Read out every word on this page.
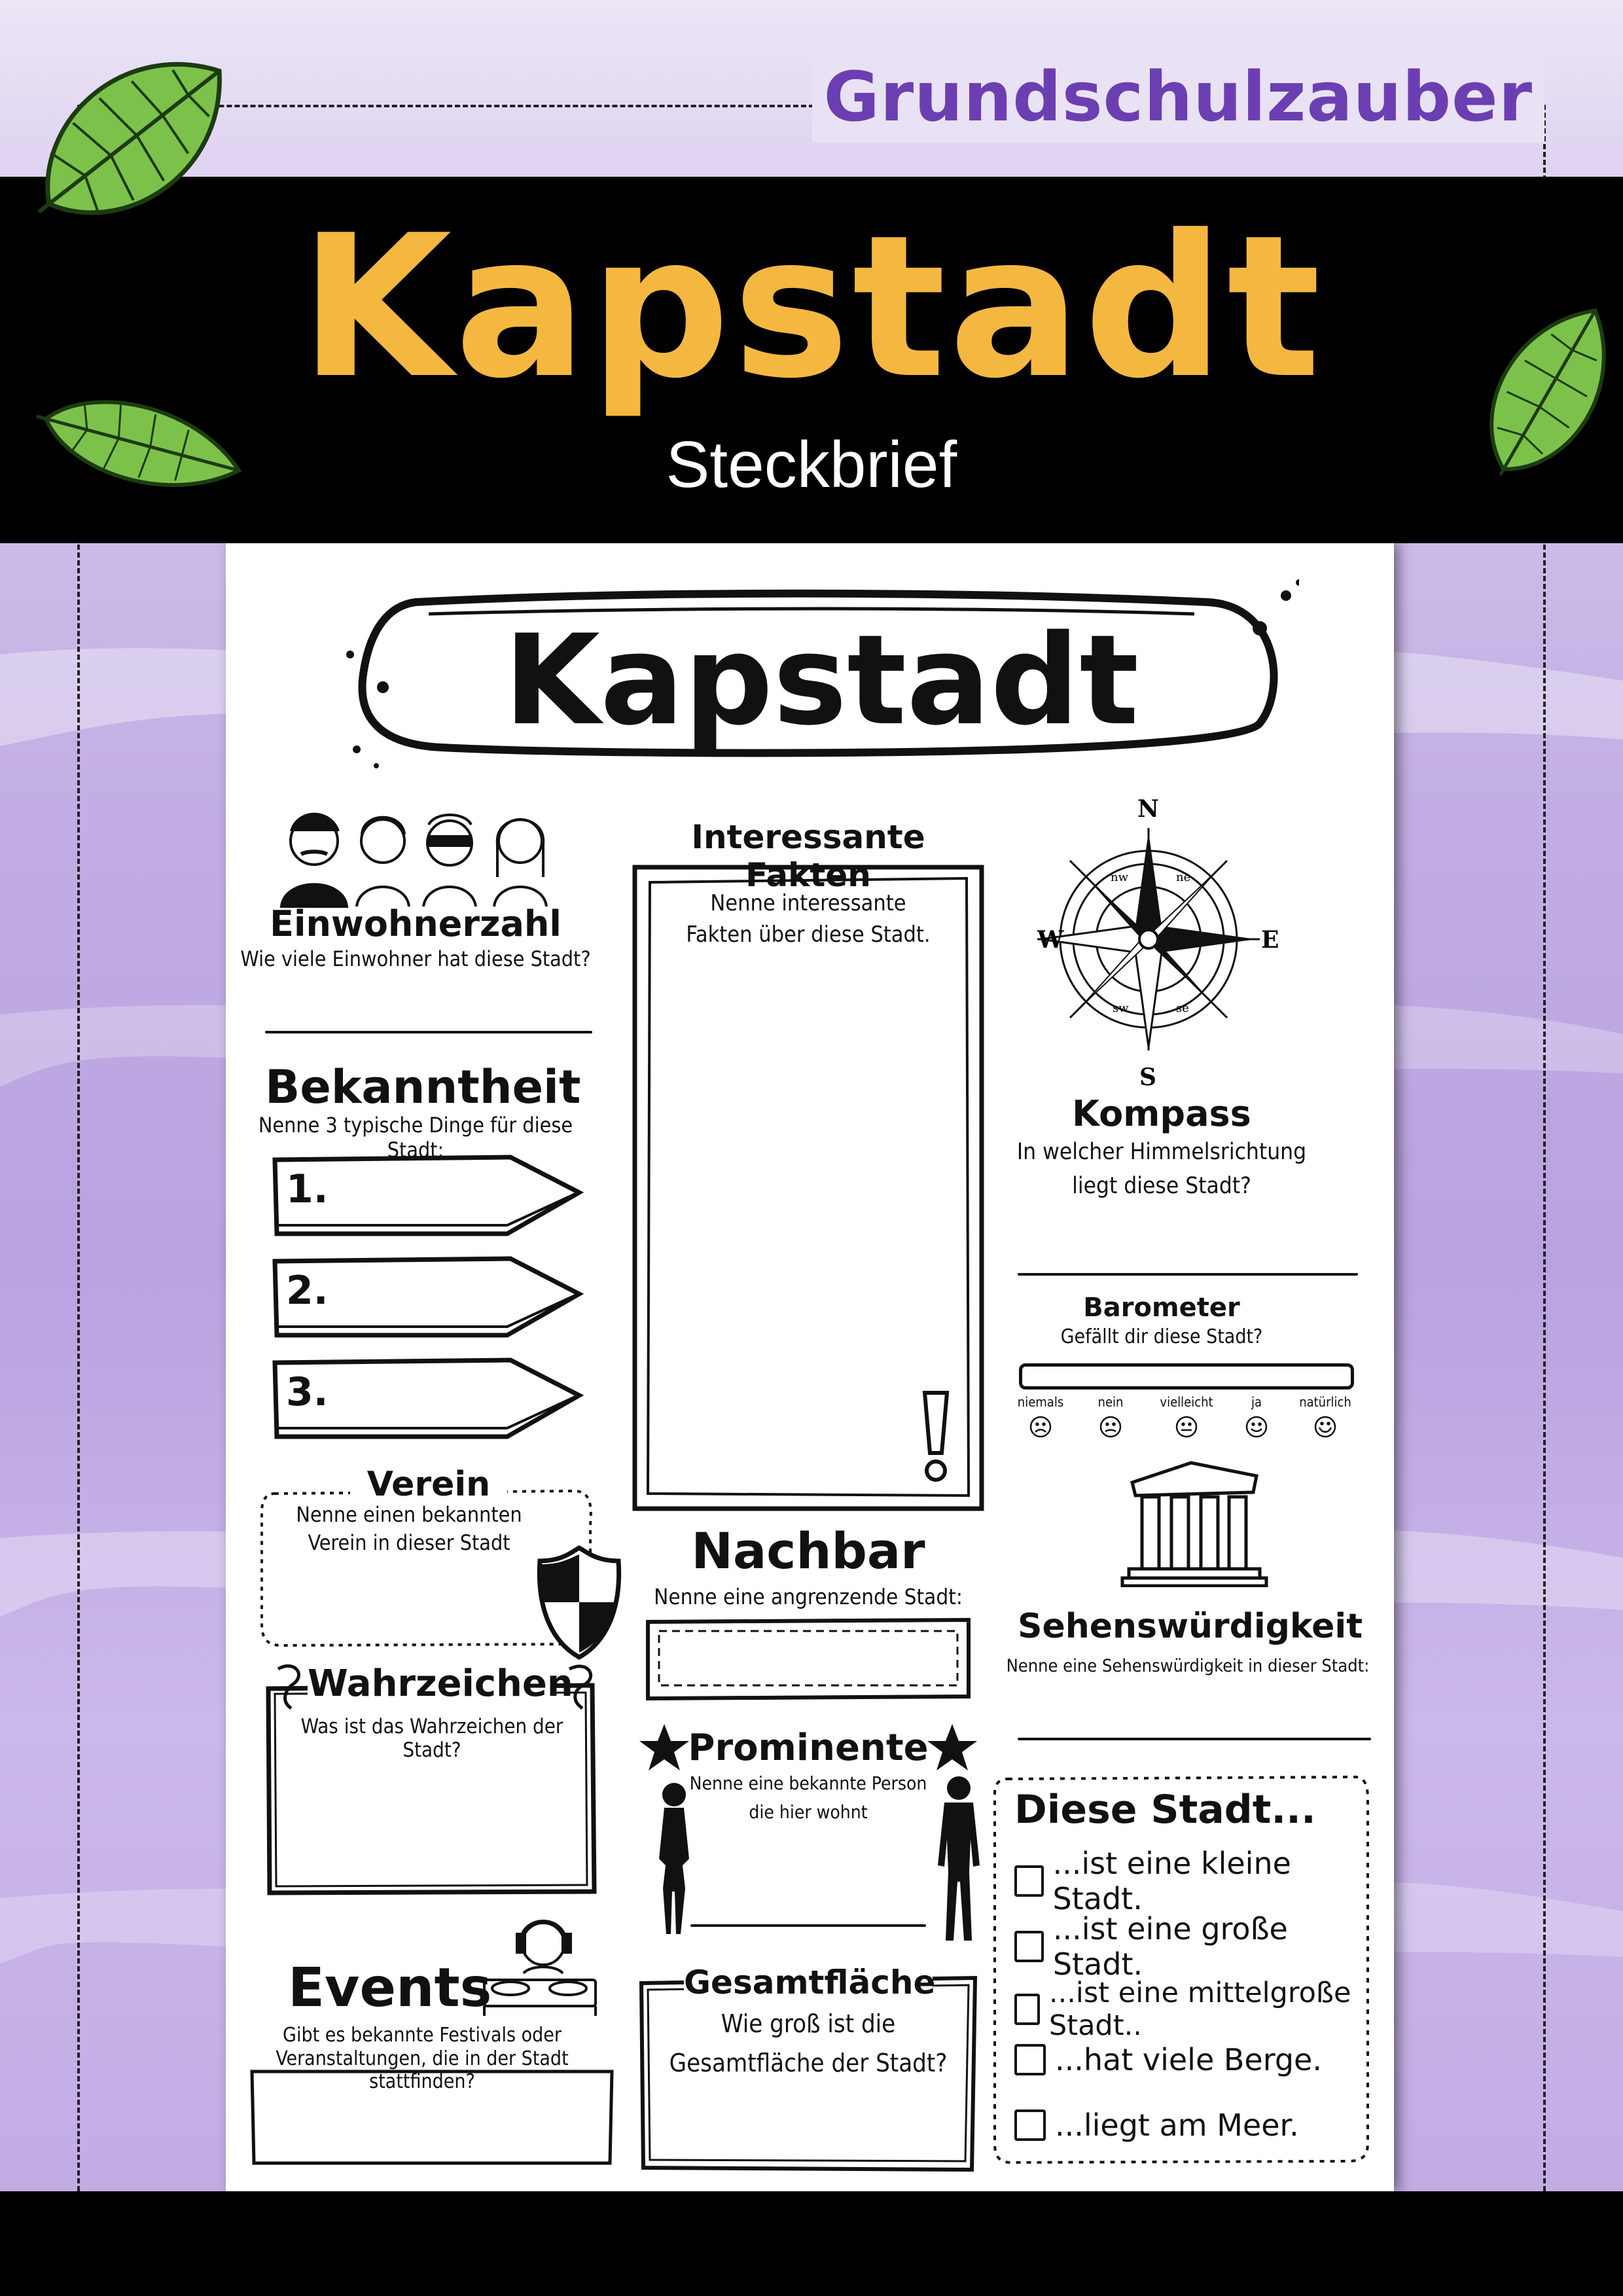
Grundschulzauber
Kapstadt
Steckbrief
Kapstadt
Einwohnerzahl
Wie viele Einwohner hat diese Stadt?
Bekanntheit
Nenne 3 typische Dinge für diese Stadt:
1.
2.
3.
Verein
Nenne einen bekannten
Verein in dieser Stadt
Wahrzeichen
Was ist das Wahrzeichen der Stadt?
Events
Gibt es bekannte Festivals oder
Veranstaltungen, die in der Stadt stattfinden?
Interessante Fakten
Nenne interessante
Fakten über diese Stadt.
Nachbar
Nenne eine angrenzende Stadt:
Prominente
Nenne eine bekannte Person
die hier wohnt
Gesamtfläche
Wie groß ist die
Gesamtfläche der Stadt?
N
S
E
W
nw	ne
sw	se
Kompass
In welcher Himmelsrichtung
liegt diese Stadt?
Barometer
Gefällt dir diese Stadt?
niemals	nein	vielleicht	ja	natürlich
Sehenswürdigkeit
Nenne eine Sehenswürdigkeit in dieser Stadt:
Diese Stadt...
...ist eine kleine Stadt.
...ist eine große Stadt.
...ist eine mittelgroße Stadt..
...hat viele Berge.
...liegt am Meer.
